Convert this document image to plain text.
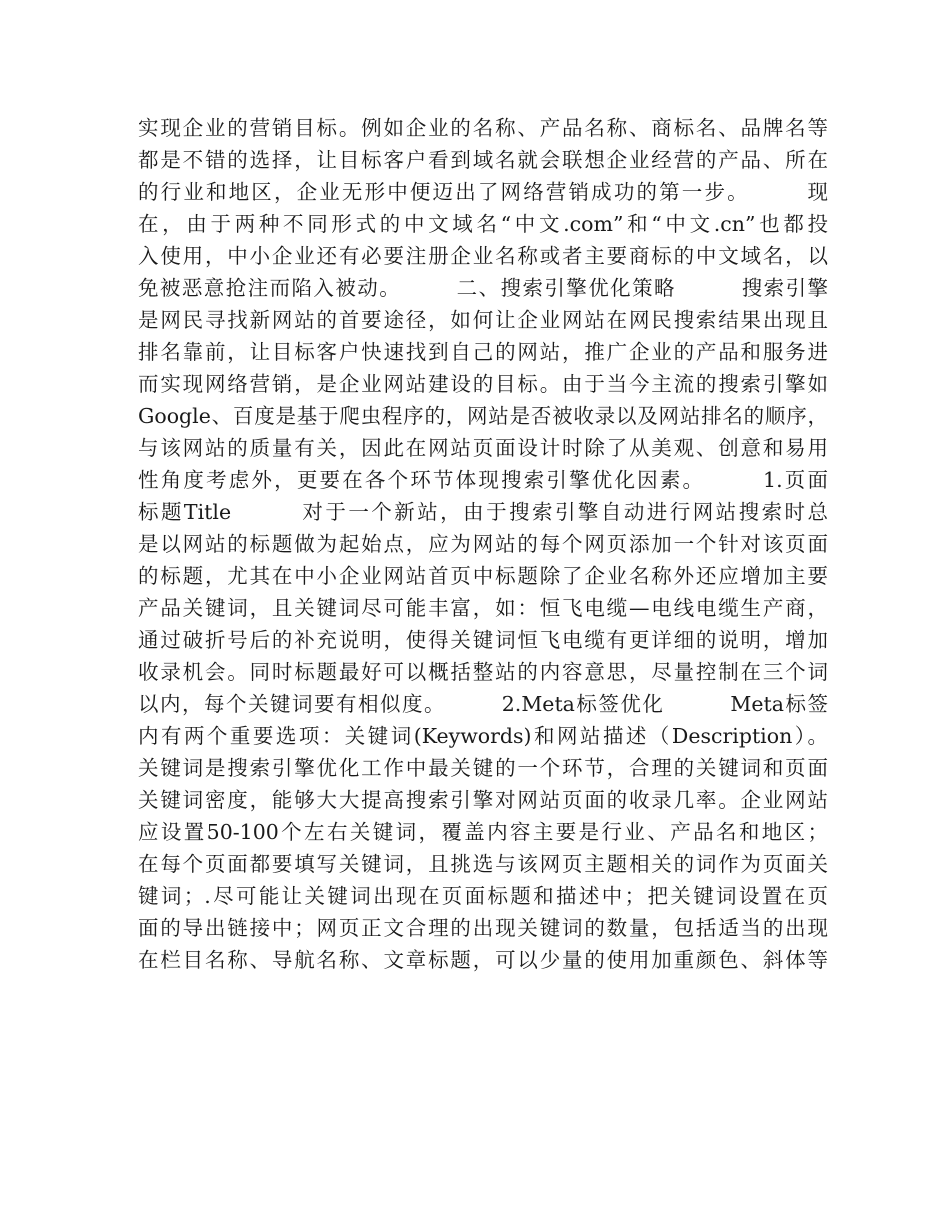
实现企业的营销目标。例如企业的名称、产品名称、商标名、品牌名等
都是不错的选择，让目标客户看到域名就会联想企业经营的产品、所在
的行业和地区，企业无形中便迈出了网络营销成功的第一步。　　　现
在，由于两种不同形式的中文域名“中文.com”和“中文.cn”也都投
入使用，中小企业还有必要注册企业名称或者主要商标的中文域名，以
免被恶意抢注而陷入被动。　　　二、搜索引擎优化策略　　　搜索引擎
是网民寻找新网站的首要途径，如何让企业网站在网民搜索结果出现且
排名靠前，让目标客户快速找到自己的网站，推广企业的产品和服务进
而实现网络营销，是企业网站建设的目标。由于当今主流的搜索引擎如
Google、百度是基于爬虫程序的，网站是否被收录以及网站排名的顺序，
与该网站的质量有关，因此在网站页面设计时除了从美观、创意和易用
性角度考虑外，更要在各个环节体现搜索引擎优化因素。　　　1.页面
标题Title　　　对于一个新站，由于搜索引擎自动进行网站搜索时总
是以网站的标题做为起始点，应为网站的每个网页添加一个针对该页面
的标题，尤其在中小企业网站首页中标题除了企业名称外还应增加主要
产品关键词，且关键词尽可能丰富，如：恒飞电缆—电线电缆生产商，
通过破折号后的补充说明，使得关键词恒飞电缆有更详细的说明，增加
收录机会。同时标题最好可以概括整站的内容意思，尽量控制在三个词
以内，每个关键词要有相似度。　　　2.Meta标签优化　　　Meta标签
内有两个重要选项：关键词(Keywords)和网站描述（Description）。
关键词是搜索引擎优化工作中最关键的一个环节，合理的关键词和页面
关键词密度，能够大大提高搜索引擎对网站页面的收录几率。企业网站
应设置50-100个左右关键词，覆盖内容主要是行业、产品名和地区；
在每个页面都要填写关键词，且挑选与该网页主题相关的词作为页面关
键词；.尽可能让关键词出现在页面标题和描述中；把关键词设置在页
面的导出链接中；网页正文合理的出现关键词的数量，包括适当的出现
在栏目名称、导航名称、文章标题，可以少量的使用加重颜色、斜体等
